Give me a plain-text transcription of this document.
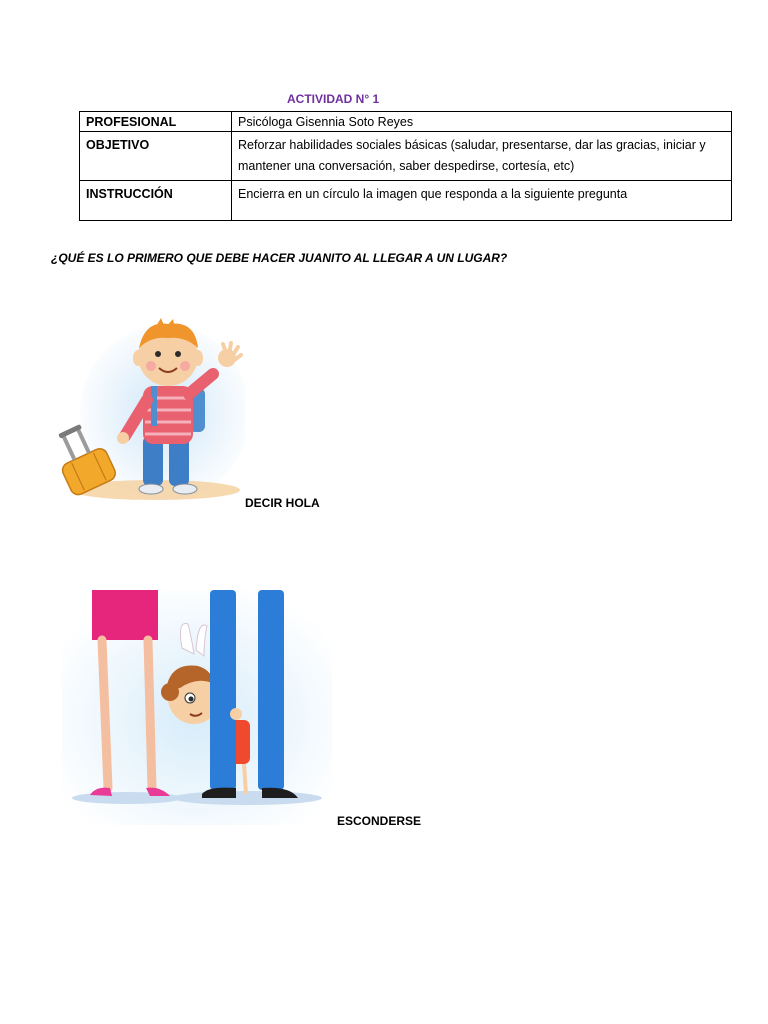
ACTIVIDAD N° 1
PROFESIONAL	Psicóloga Gisennia Soto Reyes
OBJETIVO	Reforzar habilidades sociales básicas (saludar, presentarse, dar las gracias, iniciar y mantener una conversación, saber despedirse, cortesía, etc)
INSTRUCCIÓN	Encierra en un círculo la imagen que responda a la siguiente pregunta
¿QUÉ ES LO PRIMERO QUE DEBE HACER JUANITO AL LLEGAR A UN LUGAR?
DECIR HOLA
ESCONDERSE
